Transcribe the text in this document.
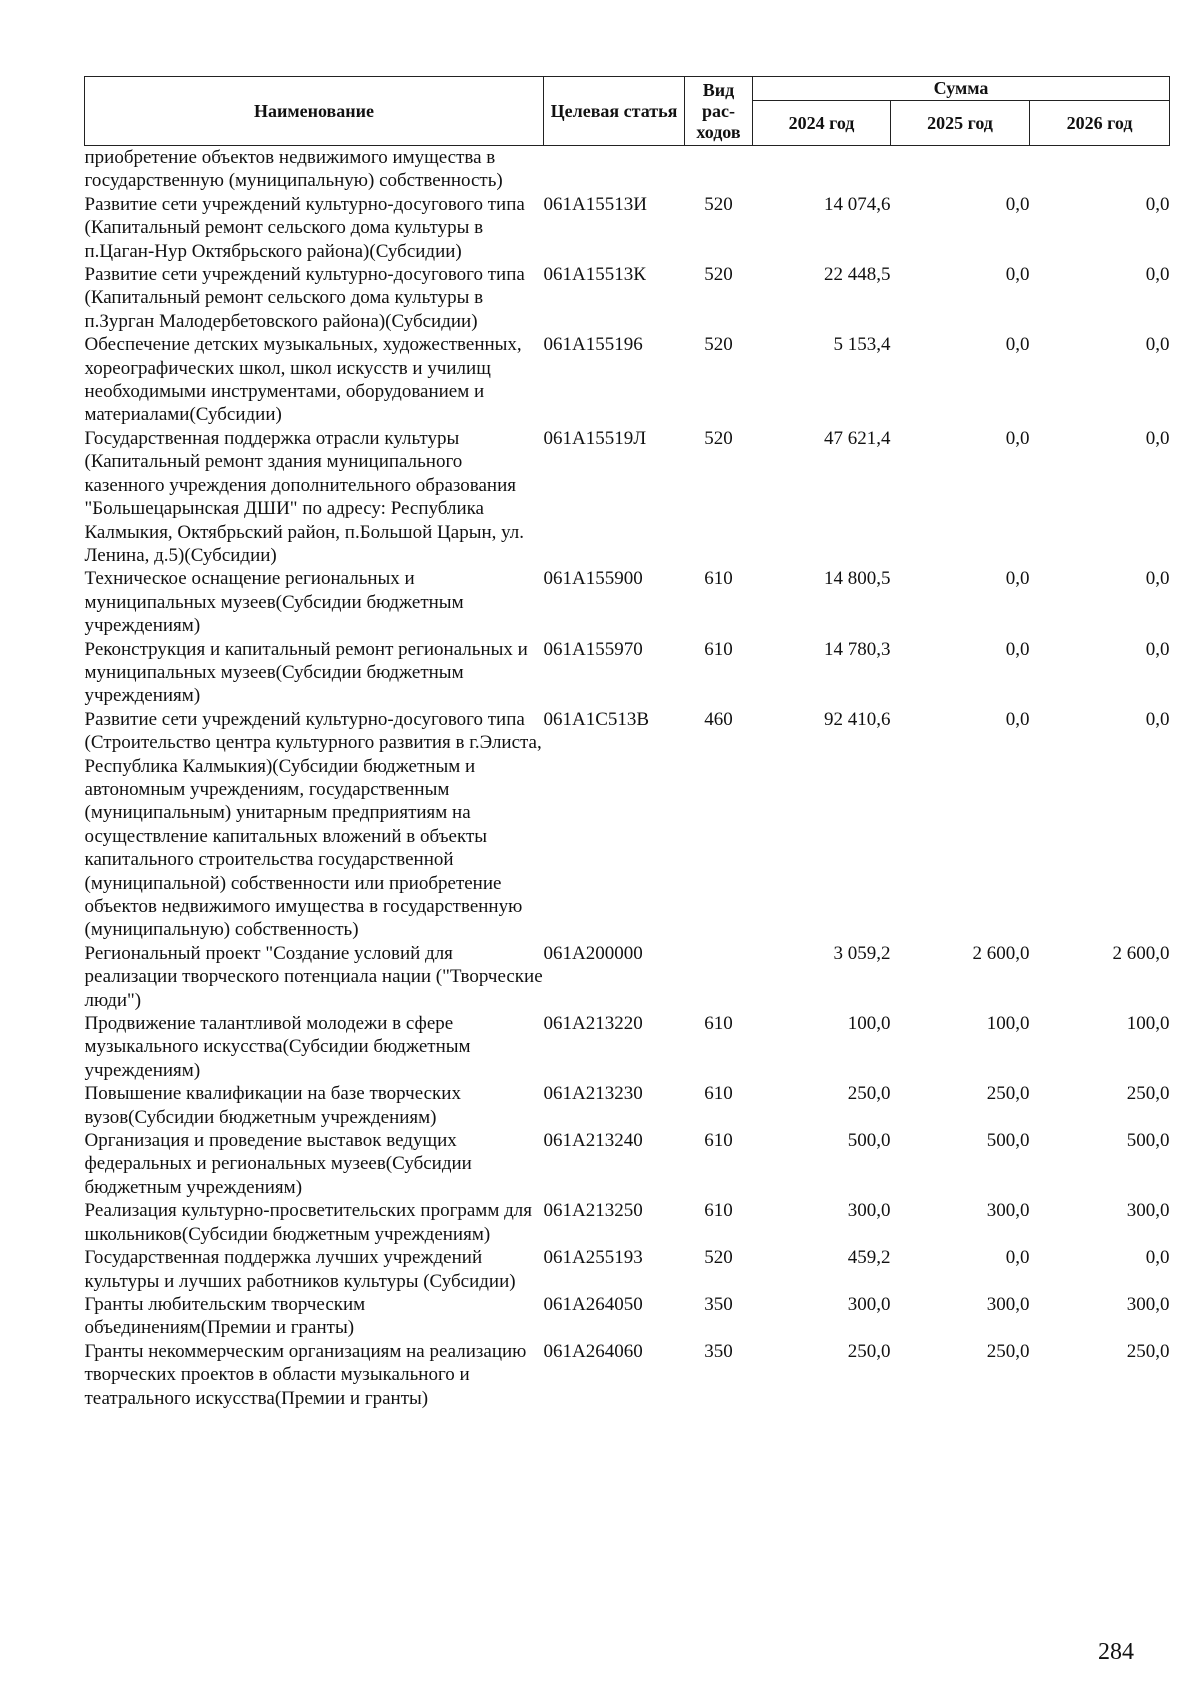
Наименование	Целевая статья	Вид рас-ходов	Сумма		
			2024 год	2025 год	2026 год
приобретение объектов недвижимого имущества в государственную (муниципальную) собственность)					
Развитие сети учреждений культурно-досугового типа (Капитальный ремонт сельского дома культуры в п.Цаган-Нур Октябрьского района)(Субсидии)	061А15513И	520	14 074,6	0,0	0,0
Развитие сети учреждений культурно-досугового типа (Капитальный ремонт сельского дома культуры в п.Зурган Малодербетовского района)(Субсидии)	061А15513К	520	22 448,5	0,0	0,0
Обеспечение детских музыкальных, художественных, хореографических школ, школ искусств и училищ необходимыми инструментами, оборудованием и материалами(Субсидии)	061А155196	520	5 153,4	0,0	0,0
Государственная поддержка отрасли культуры (Капитальный ремонт здания муниципального казенного учреждения дополнительного образования "Большецарынская ДШИ" по адресу: Республика Калмыкия, Октябрьский район, п.Большой Царын, ул. Ленина, д.5)(Субсидии)	061А15519Л	520	47 621,4	0,0	0,0
Техническое оснащение региональных и муниципальных музеев(Субсидии бюджетным учреждениям)	061А155900	610	14 800,5	0,0	0,0
Реконструкция и капитальный ремонт региональных и муниципальных музеев(Субсидии бюджетным учреждениям)	061А155970	610	14 780,3	0,0	0,0
Развитие сети учреждений культурно-досугового типа (Строительство центра культурного развития в г.Элиста, Республика Калмыкия)(Субсидии бюджетным и автономным учреждениям, государственным (муниципальным) унитарным предприятиям на осуществление капитальных вложений в объекты капитального строительства государственной (муниципальной) собственности или приобретение объектов недвижимого имущества в государственную (муниципальную) собственность)	061А1С513В	460	92 410,6	0,0	0,0
Региональный проект "Создание условий для реализации творческого потенциала нации ("Творческие люди")	061А200000		3 059,2	2 600,0	2 600,0
Продвижение талантливой молодежи в сфере музыкального искусства(Субсидии бюджетным учреждениям)	061А213220	610	100,0	100,0	100,0
Повышение квалификации на базе творческих вузов(Субсидии бюджетным учреждениям)	061А213230	610	250,0	250,0	250,0
Организация и проведение выставок ведущих федеральных и региональных музеев(Субсидии бюджетным учреждениям)	061А213240	610	500,0	500,0	500,0
Реализация культурно-просветительских программ для школьников(Субсидии бюджетным учреждениям)	061А213250	610	300,0	300,0	300,0
Государственная поддержка лучших учреждений культуры и лучших работников культуры (Субсидии)	061А255193	520	459,2	0,0	0,0
Гранты любительским творческим объединениям(Премии и гранты)	061А264050	350	300,0	300,0	300,0
Гранты некоммерческим организациям на реализацию творческих проектов в области музыкального и театрального искусства(Премии и гранты)	061А264060	350	250,0	250,0	250,0
284
